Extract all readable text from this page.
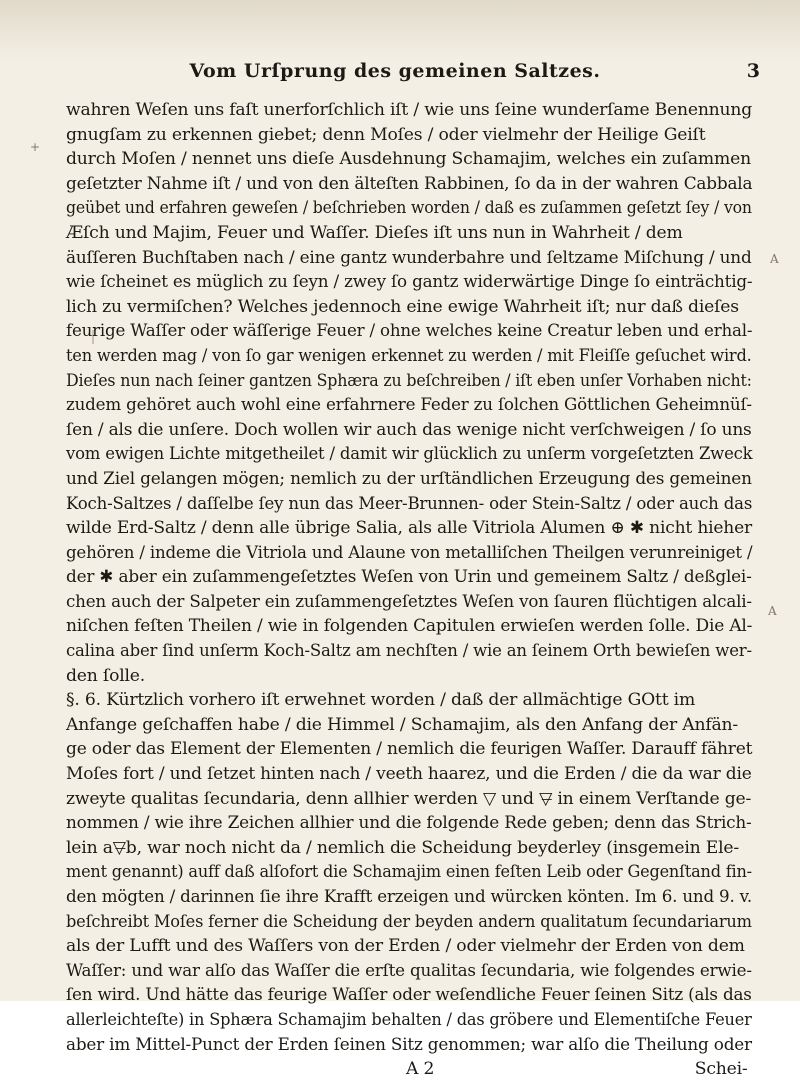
Vom Urſprung des gemeinen Saltzes.	3
+
A
A
wahren Weſen uns faſt unerforſchlich iſt / wie uns ſeine wunderſame Benennung
gnugſam zu erkennen giebet; denn Moſes / oder vielmehr der Heilige Geiſt
durch Moſen / nennet uns dieſe Ausdehnung Schamajim, welches ein zuſammen
geſetzter Nahme iſt / und von den älteſten Rabbinen, ſo da in der wahren Cabbala
geübet und erfahren geweſen / beſchrieben worden / daß es zuſammen geſetzt ſey / von
Æſch und Majim, Feuer und Waſſer. Dieſes iſt uns nun in Wahrheit / dem
äuſſeren Buchſtaben nach / eine gantz wunderbahre und ſeltzame Miſchung / und
wie ſcheinet es müglich zu ſeyn / zwey ſo gantz widerwärtige Dinge ſo einträchtig-
lich zu vermiſchen? Welches jedennoch eine ewige Wahrheit iſt; nur daß dieſes
feurige Waſſer oder wäſſerige Feuer / ohne welches keine Creatur leben und erhal-
ten werden mag / von ſo gar wenigen erkennet zu werden / mit Fleiſſe geſuchet wird.
Dieſes nun nach ſeiner gantzen Sphæra zu beſchreiben / iſt eben unſer Vorhaben nicht:
zudem gehöret auch wohl eine erfahrnere Feder zu ſolchen Göttlichen Geheimnüſ-
ſen / als die unſere. Doch wollen wir auch das wenige nicht verſchweigen / ſo uns
vom ewigen Lichte mitgetheilet / damit wir glücklich zu unſerm vorgeſetzten Zweck
und Ziel gelangen mögen; nemlich zu der urſtändlichen Erzeugung des gemeinen
Koch-Saltzes / daſſelbe ſey nun das Meer-Brunnen- oder Stein-Saltz / oder auch das
wilde Erd-Saltz / denn alle übrige Salia, als alle Vitriola Alumen ⊕ ✱ nicht hieher
gehören / indeme die Vitriola und Alaune von metalliſchen Theilgen verunreiniget /
der ✱ aber ein zuſammengeſetztes Weſen von Urin und gemeinem Saltz / deßglei-
chen auch der Salpeter ein zuſammengeſetztes Weſen von ſauren flüchtigen alcali-
niſchen feſten Theilen / wie in folgenden Capitulen erwieſen werden ſolle. Die Al-
calina aber ſind unſerm Koch-Saltz am nechſten / wie an ſeinem Orth bewieſen wer-
den ſolle.
§. 6. Kürtzlich vorhero iſt erwehnet worden / daß der allmächtige GOtt im
Anfange geſchaffen habe / die Himmel / Schamajim, als den Anfang der Anfän-
ge oder das Element der Elementen / nemlich die feurigen Waſſer. Darauff fähret
Moſes fort / und ſetzet hinten nach / veeth haarez, und die Erden / die da war die
zweyte qualitas ſecundaria, denn allhier werden ▽ und ▽̶ in einem Verſtande ge-
nommen / wie ihre Zeichen allhier und die folgende Rede geben; denn das Strich-
lein a▽̶b, war noch nicht da / nemlich die Scheidung beyderley (insgemein Ele-
ment genannt) auff daß alſofort die Schamajim einen feſten Leib oder Gegenſtand fin-
den mögten / darinnen ſie ihre Krafft erzeigen und würcken könten. Im 6. und 9. v.
beſchreibt Moſes ferner die Scheidung der beyden andern qualitatum ſecundariarum
als der Lufft und des Waſſers von der Erden / oder vielmehr der Erden von dem
Waſſer: und war alſo das Waſſer die erſte qualitas ſecundaria, wie folgendes erwie-
ſen wird. Und hätte das feurige Waſſer oder weſendliche Feuer ſeinen Sitz (als das
allerleichteſte) in Sphæra Schamajim behalten / das gröbere und Elementiſche Feuer
aber im Mittel-Punct der Erden ſeinen Sitz genommen; war alſo die Theilung oder
A 2	Schei-
